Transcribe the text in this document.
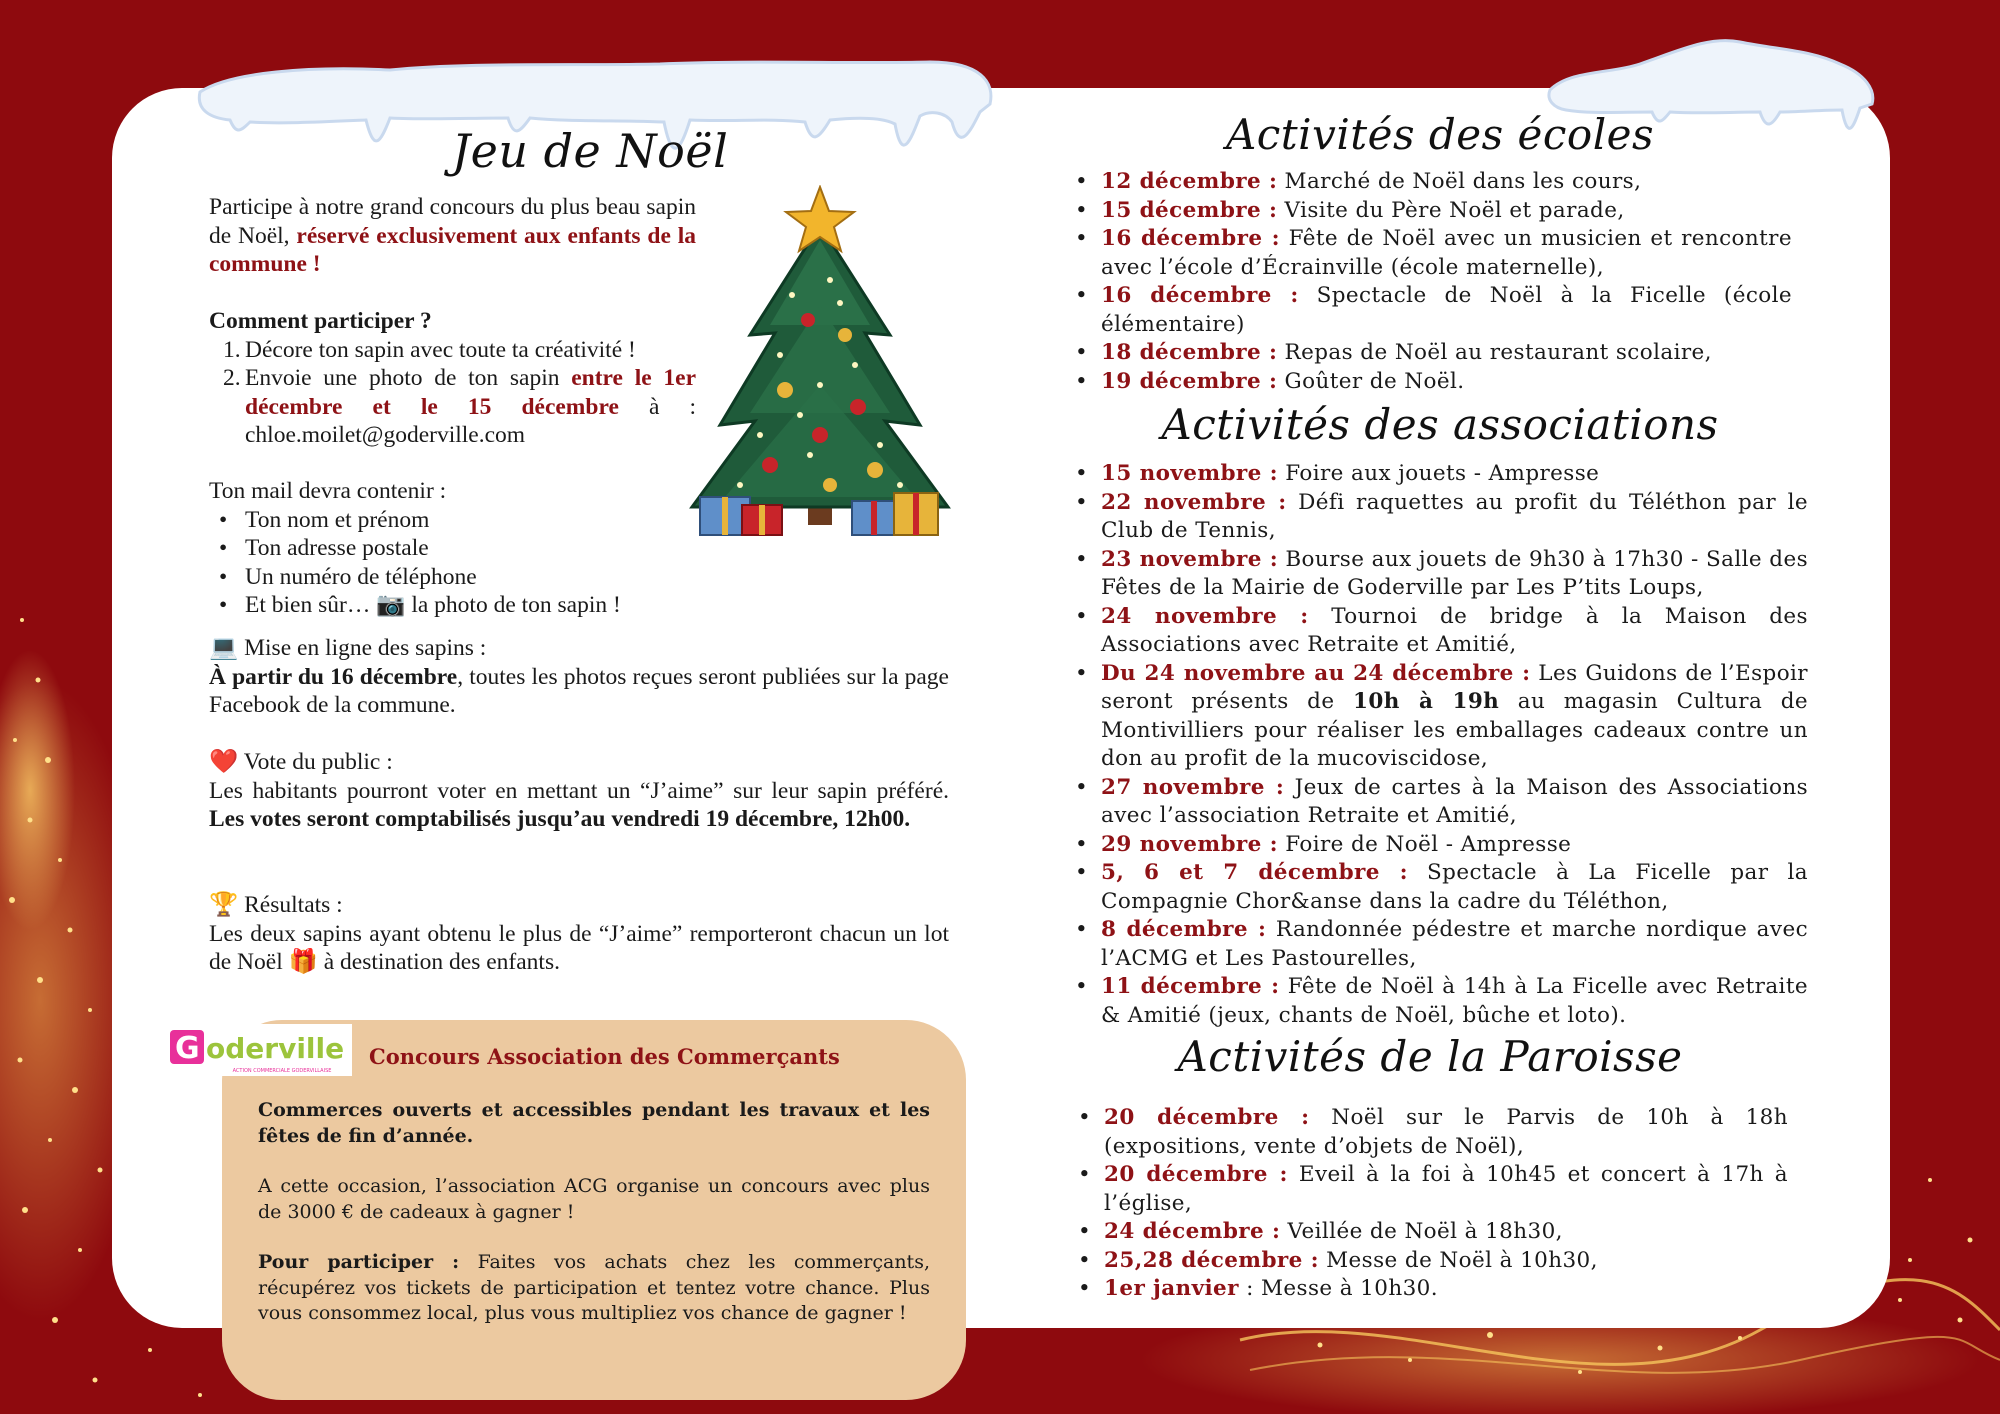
Jeu de Noël

Participe à notre grand concours du plus beau sapin de Noël, réservé exclusivement aux enfants de la commune !

Comment participer ?

1. Décore ton sapin avec toute ta créativité !
2. Envoie une photo de ton sapin entre le 1er décembre et le 15 décembre à : chloe.moilet@goderville.com

Ton mail devra contenir :

• Ton nom et prénom
• Ton adresse postale
• Un numéro de téléphone
• Et bien sûr… 📷 la photo de ton sapin !

💻 Mise en ligne des sapins :

À partir du 16 décembre, toutes les photos reçues seront publiées sur la page Facebook de la commune.

❤️ Vote du public :

Les habitants pourront voter en mettant un “J’aime” sur leur sapin préféré. Les votes seront comptabilisés jusqu’au vendredi 19 décembre, 12h00.

🏆 Résultats :

Les deux sapins ayant obtenu le plus de “J’aime” remporteront chacun un lot de Noël 🎁 à destination des enfants.

G oderville
ACTION COMMERCIALE GODERVILLAISE
Concours Association des Commerçants

Commerces ouverts et accessibles pendant les travaux et les fêtes de fin d’année.

A cette occasion, l’association ACG organise un concours avec plus de 3000 € de cadeaux à gagner !

Pour participer : Faites vos achats chez les commerçants, récupérez vos tickets de participation et tentez votre chance. Plus vous consommez local, plus vous multipliez vos chance de gagner !

Activités des écoles
• 12 décembre : Marché de Noël dans les cours,
• 15 décembre : Visite du Père Noël et parade,
• 16 décembre : Fête de Noël avec un musicien et rencontre avec l’école d’Écrainville (école maternelle),
• 16 décembre : Spectacle de Noël à la Ficelle (école élémentaire)
• 18 décembre : Repas de Noël au restaurant scolaire,
• 19 décembre : Goûter de Noël.
Activités des associations
• 15 novembre : Foire aux jouets - Ampresse
• 22 novembre : Défi raquettes au profit du Téléthon par le Club de Tennis,
• 23 novembre : Bourse aux jouets de 9h30 à 17h30 - Salle des Fêtes de la Mairie de Goderville par Les P’tits Loups,
• 24 novembre : Tournoi de bridge à la Maison des Associations avec Retraite et Amitié,
• Du 24 novembre au 24 décembre : Les Guidons de l’Espoir seront présents de 10h à 19h au magasin Cultura de Montivilliers pour réaliser les emballages cadeaux contre un don au profit de la mucoviscidose,
• 27 novembre : Jeux de cartes à la Maison des Associations avec l’association Retraite et Amitié,
• 29 novembre : Foire de Noël - Ampresse
• 5, 6 et 7 décembre : Spectacle à La Ficelle par la Compagnie Chor&anse dans la cadre du Téléthon,
• 8 décembre : Randonnée pédestre et marche nordique avec l’ACMG et Les Pastourelles,
• 11 décembre : Fête de Noël à 14h à La Ficelle avec Retraite & Amitié (jeux, chants de Noël, bûche et loto).
Activités de la Paroisse
• 20 décembre : Noël sur le Parvis de 10h à 18h (expositions, vente d’objets de Noël),
• 20 décembre : Eveil à la foi à 10h45 et concert à 17h à l’église,
• 24 décembre : Veillée de Noël à 18h30,
• 25,28 décembre : Messe de Noël à 10h30,
• 1er janvier : Messe à 10h30.
